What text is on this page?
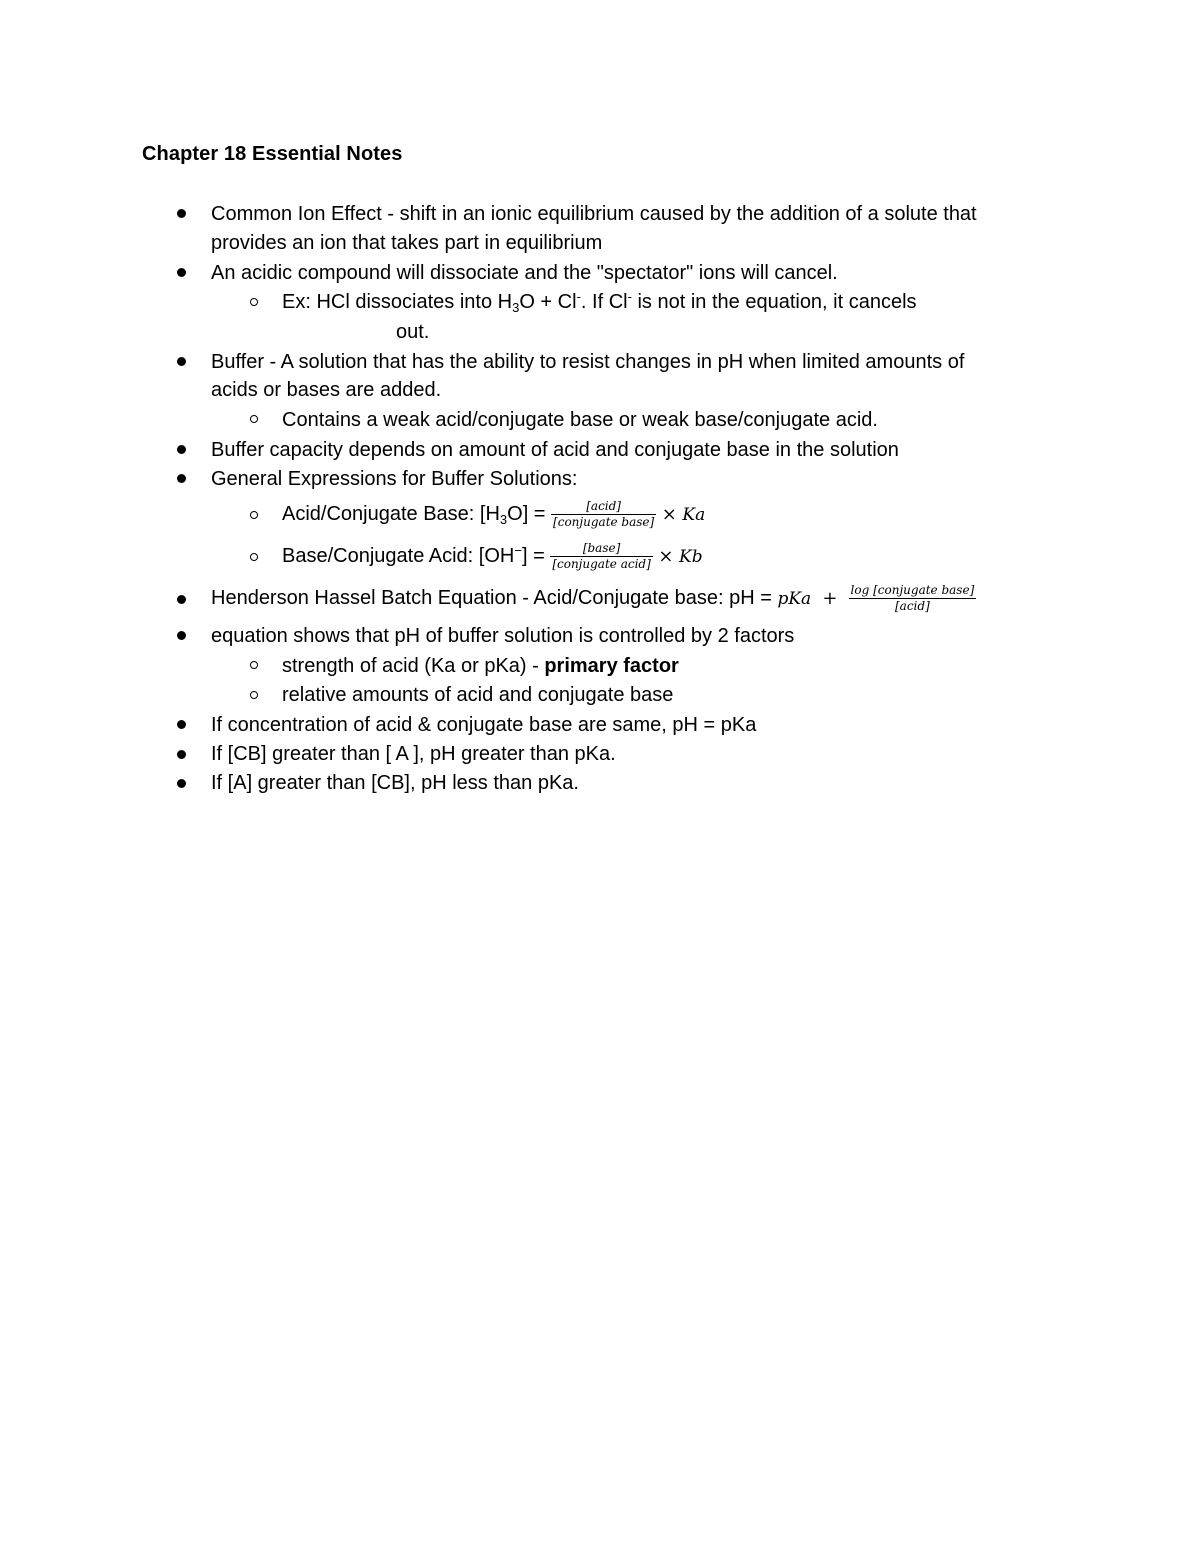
Chapter 18 Essential Notes
Common Ion Effect - shift in an ionic equilibrium caused by the addition of a solute that
provides an ion that takes part in equilibrium
An acidic compound will dissociate and the "spectator" ions will cancel.
Ex: HCl dissociates into $H_3O + Cl^-$. If Cl- is not in the equation, it cancels
out.
Buffer - A solution that has the ability to resist changes in pH when limited amounts of
acids or bases are added.
Contains a weak acid/conjugate base or weak base/conjugate acid.
Buffer capacity depends on amount of acid and conjugate base in the solution
General Expressions for Buffer Solutions:
Acid/Conjugate Base: $[H_3O] = \frac{\text{[acid]}}{\text{[conjugate base]}} \times Ka$
Base/Conjugate Acid: $[OH^-] = \frac{\text{[base]}}{\text{[conjugate acid]}} \times Kb$
Henderson Hassel Batch Equation - Acid/Conjugate base: pH = pKa + $\frac{\text{log [conjugate base]}}{\text{[acid]}}$
equation shows that pH of buffer solution is controlled by 2 factors
strength of acid (Ka or pKa) - primary factor
relative amounts of acid and conjugate base
If concentration of acid & conjugate base are same, pH = pKa
If [CB] greater than [ A ], pH greater than pKa.
If [A] greater than [CB], pH less than pKa.
